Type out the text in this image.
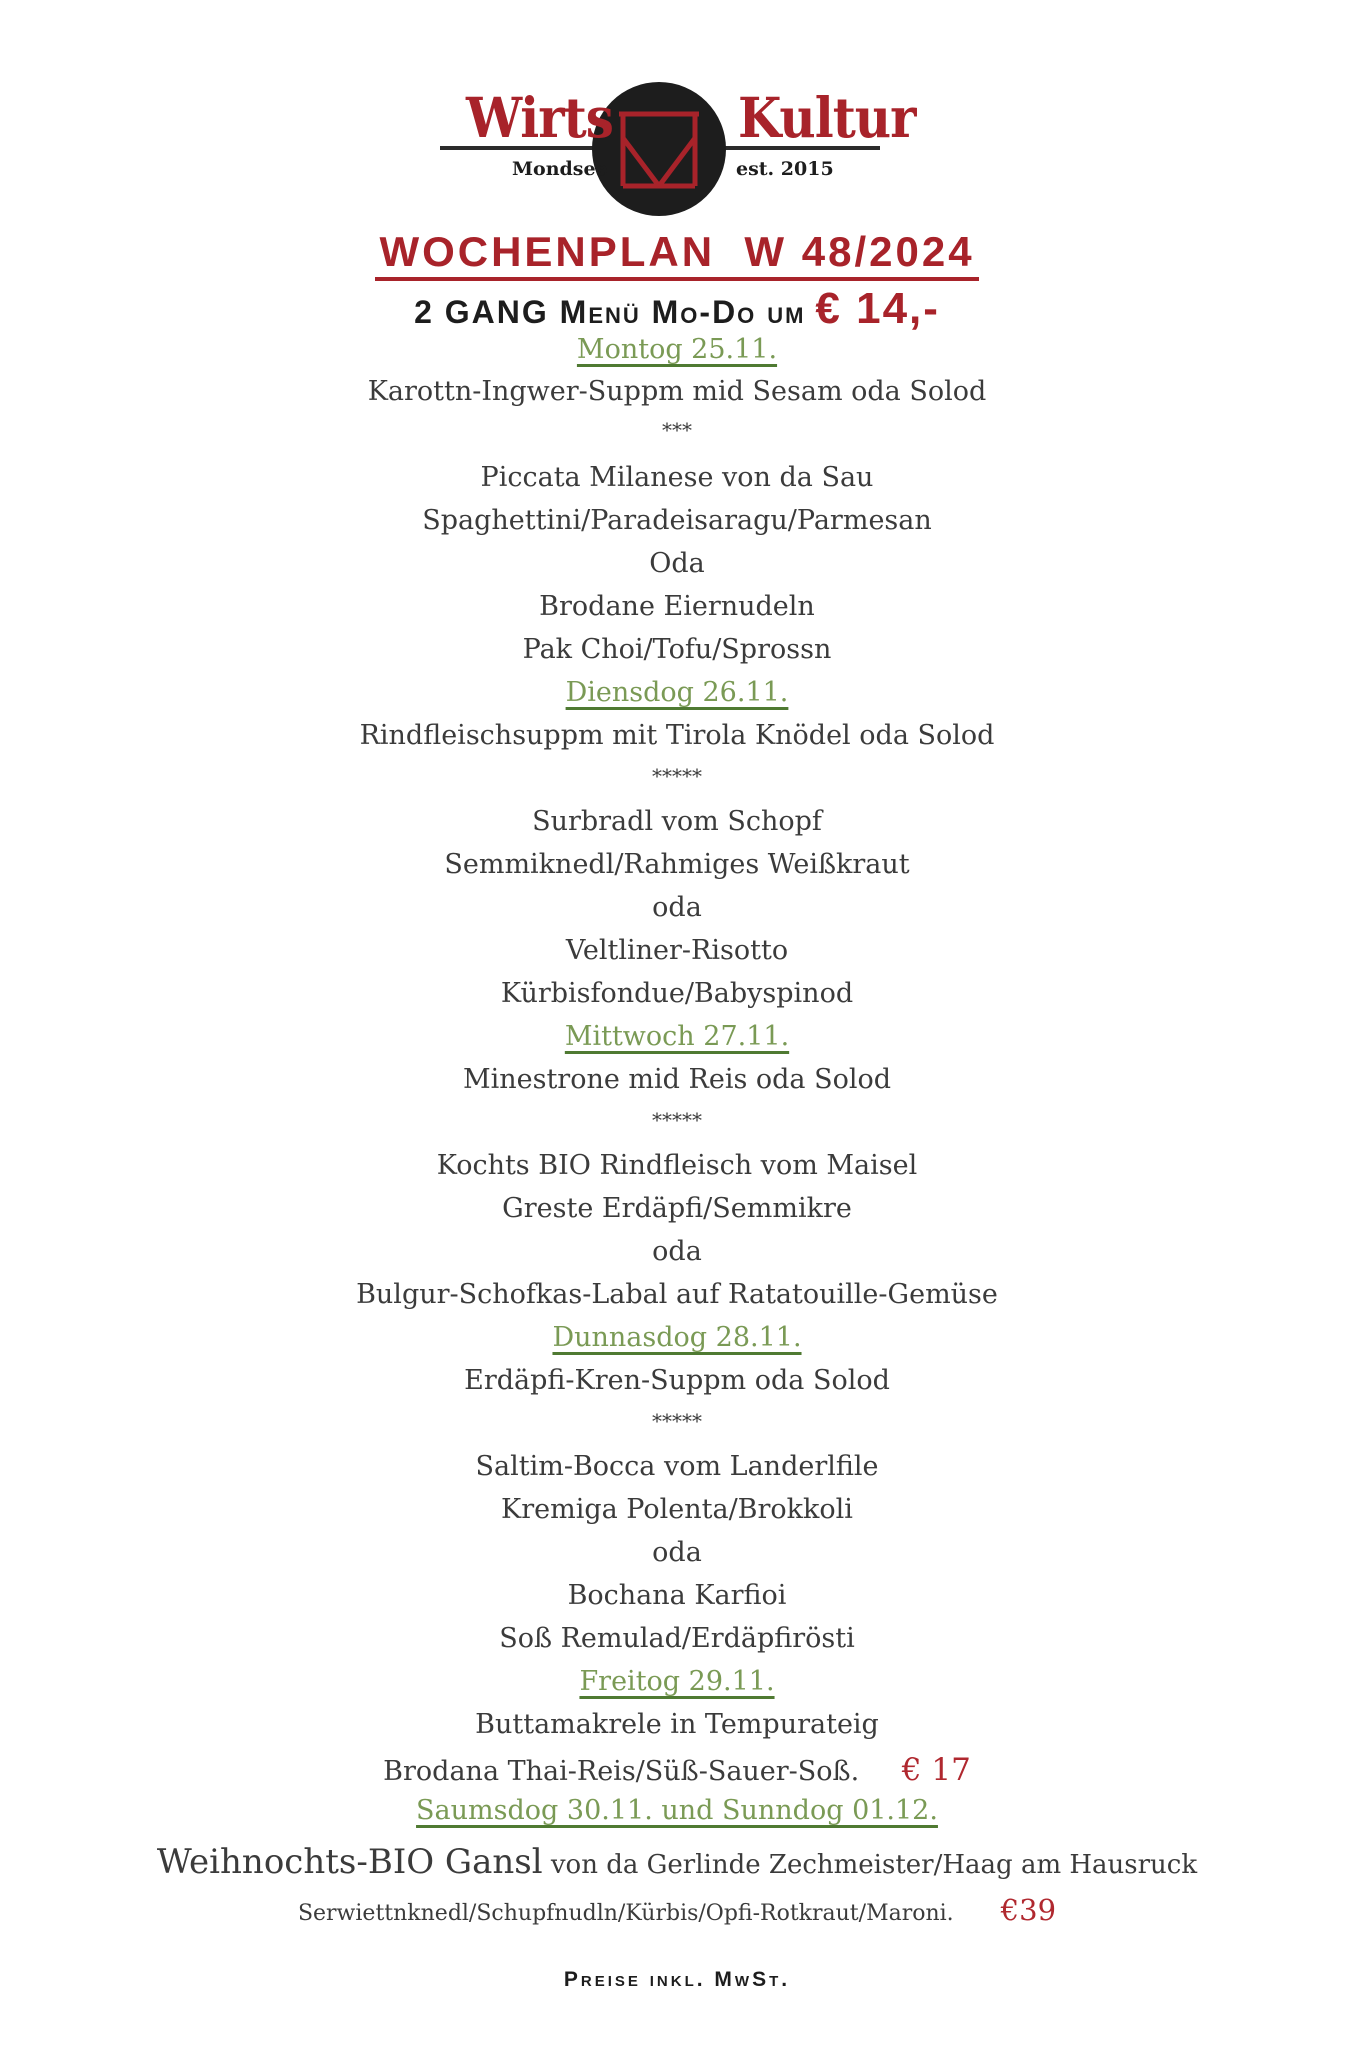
Wirts	Kultur
Mondsee	est. 2015
WOCHENPLAN  W 48/2024
2 GANG Menü Mo-Do um € 14,-
Montog 25.11.
Karottn-Ingwer-Suppm mid Sesam oda Solod
***
Piccata Milanese von da Sau
Spaghettini/Paradeisaragu/Parmesan
Oda
Brodane Eiernudeln
Pak Choi/Tofu/Sprossn
Diensdog 26.11.
Rindfleischsuppm mit Tirola Knödel oda Solod
*****
Surbradl vom Schopf
Semmiknedl/Rahmiges Weißkraut
oda
Veltliner-Risotto
Kürbisfondue/Babyspinod
Mittwoch 27.11.
Minestrone mid Reis oda Solod
*****
Kochts BIO Rindfleisch vom Maisel
Greste Erdäpfi/Semmikre
oda
Bulgur-Schofkas-Labal auf Ratatouille-Gemüse
Dunnasdog 28.11.
Erdäpfi-Kren-Suppm oda Solod
*****
Saltim-Bocca vom Landerlfile
Kremiga Polenta/Brokkoli
oda
Bochana Karfioi
Soß Remulad/Erdäpfirösti
Freitog 29.11.
Buttamakrele in Tempurateig
Brodana Thai-Reis/Süß-Sauer-Soß. € 17
Saumsdog 30.11. und Sunndog 01.12.
Weihnochts-BIO Gansl von da Gerlinde Zechmeister/Haag am Hausruck
Serwiettnknedl/Schupfnudln/Kürbis/Opfi-Rotkraut/Maroni. €39
Preise inkl. MwSt.
